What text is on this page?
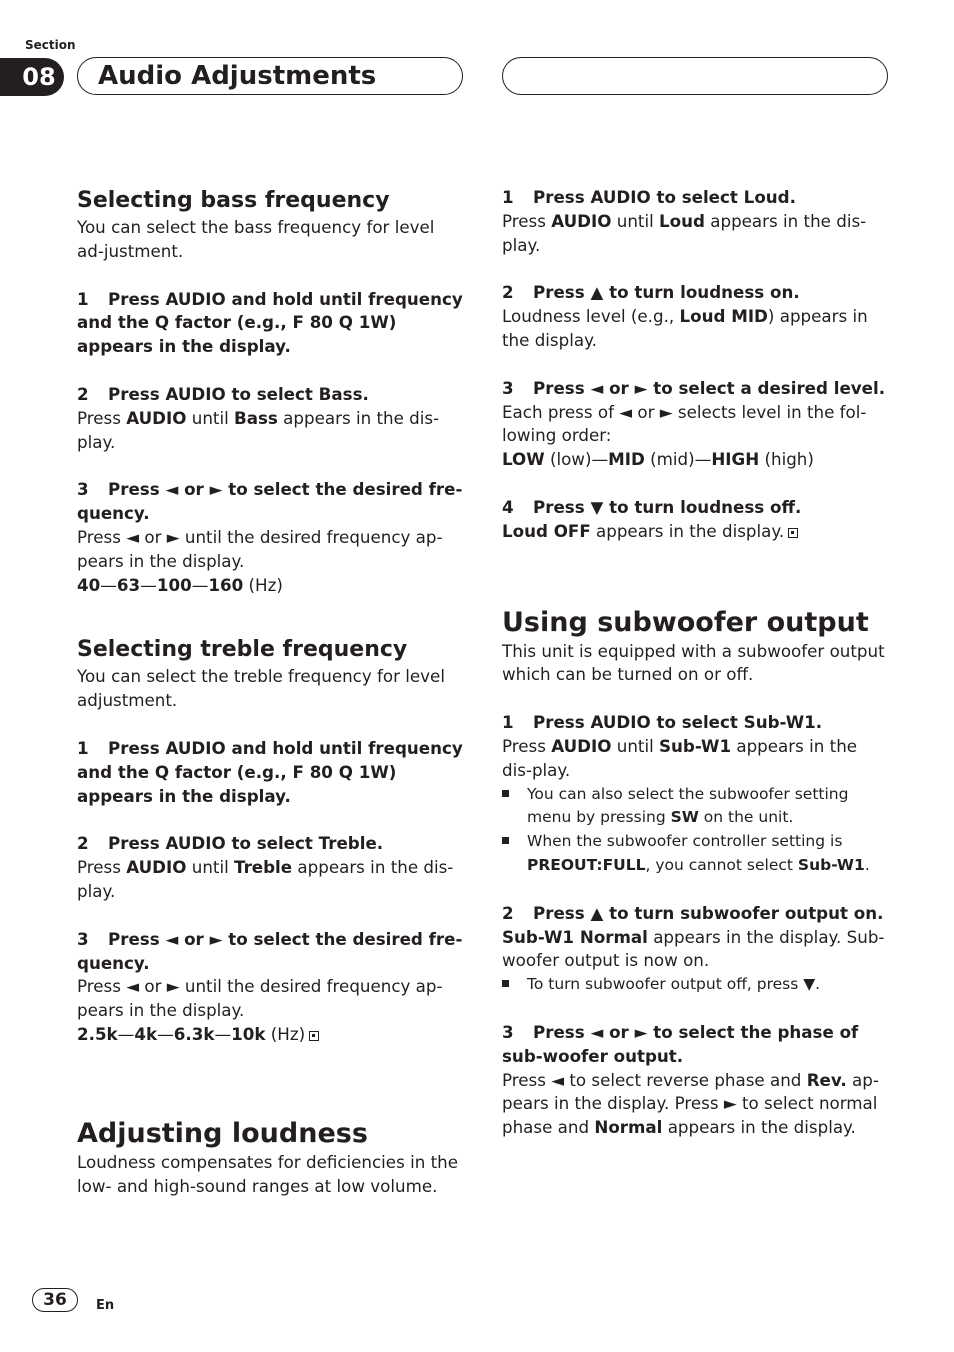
Section
08	Audio Adjustments
Selecting bass frequency

You can select the bass frequency for level ad-justment.

1 Press AUDIO and hold until frequency and the Q factor (e.g., F 80 Q 1W) appears in the display.

2 Press AUDIO to select Bass.

Press AUDIO until Bass appears in the dis-play.

3 Press ◄ or ► to select the desired fre-quency.

Press ◄ or ► until the desired frequency ap-pears in the display.

40—63—100—160 (Hz)

Selecting treble frequency

You can select the treble frequency for level adjustment.

1 Press AUDIO and hold until frequency and the Q factor (e.g., F 80 Q 1W) appears in the display.

2 Press AUDIO to select Treble.

Press AUDIO until Treble appears in the dis-play.

3 Press ◄ or ► to select the desired fre-quency.

Press ◄ or ► until the desired frequency ap-pears in the display.

2.5k—4k—6.3k—10k (Hz)

Adjusting loudness

Loudness compensates for deficiencies in the low- and high-sound ranges at low volume.

1 Press AUDIO to select Loud.

Press AUDIO until Loud appears in the dis-play.

2 Press ▲ to turn loudness on.

Loudness level (e.g., Loud MID) appears in the display.

3 Press ◄ or ► to select a desired level.

Each press of ◄ or ► selects level in the fol-lowing order:

LOW (low)—MID (mid)—HIGH (high)

4 Press ▼ to turn loudness off.

Loud OFF appears in the display.

Using subwoofer output

This unit is equipped with a subwoofer output which can be turned on or off.

1 Press AUDIO to select Sub-W1.

Press AUDIO until Sub-W1 appears in the dis-play.

You can also select the subwoofer setting menu by pressing SW on the unit.

When the subwoofer controller setting is PREOUT:FULL, you cannot select Sub-W1.

2 Press ▲ to turn subwoofer output on.

Sub-W1 Normal appears in the display. Sub-woofer output is now on.

To turn subwoofer output off, press ▼.

3 Press ◄ or ► to select the phase of sub-woofer output.

Press ◄ to select reverse phase and Rev. ap-pears in the display. Press ► to select normal phase and Normal appears in the display.

36	En
